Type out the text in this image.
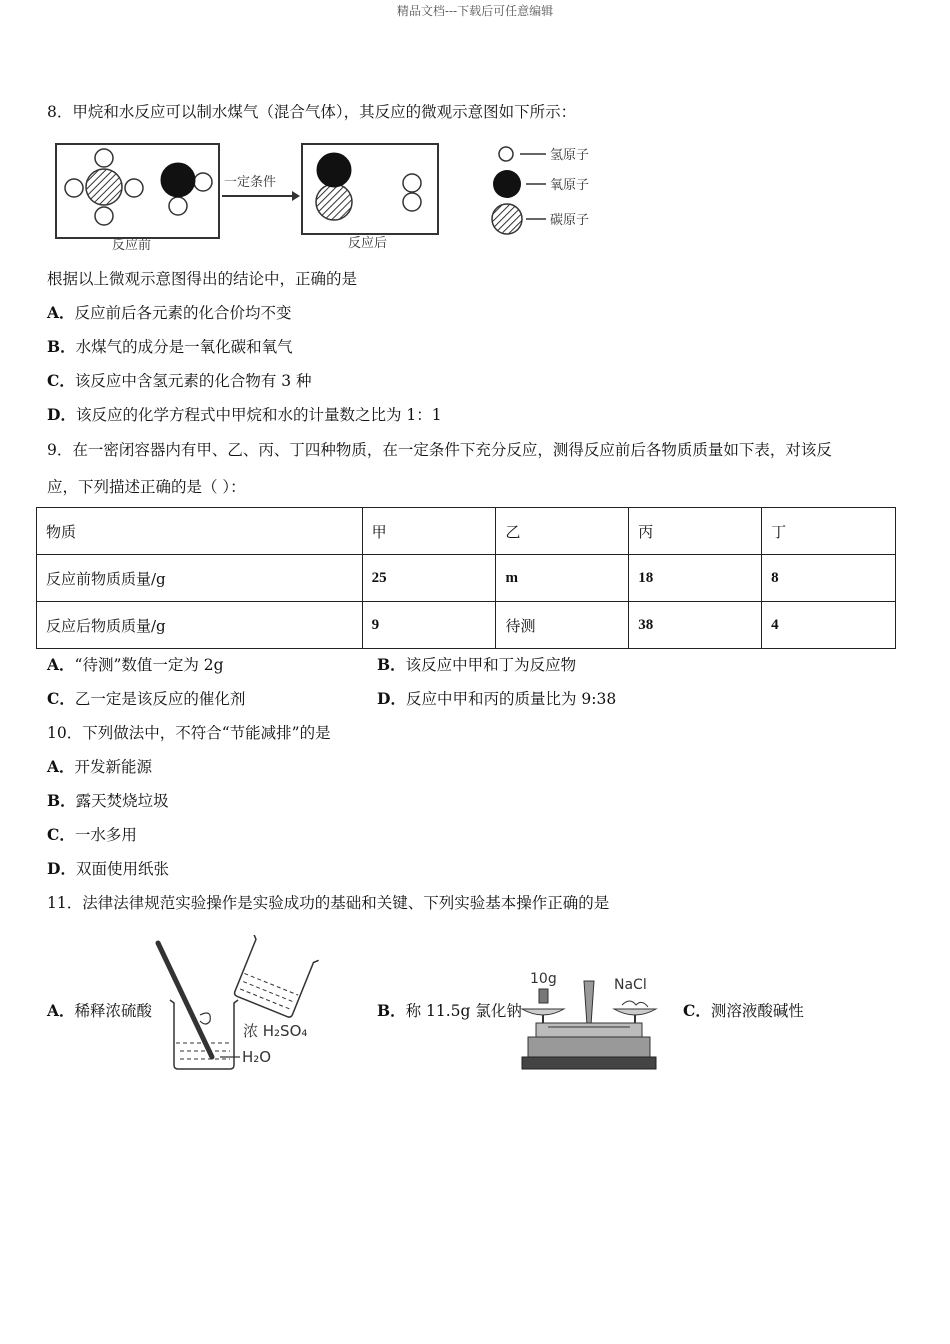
精品文档---下载后可任意编辑
8．甲烷和水反应可以制水煤气（混合气体），其反应的微观示意图如下所示：
反应前
一定条件
反应后
氢原子
氧原子
碳原子
根据以上微观示意图得出的结论中，正确的是
A．反应前后各元素的化合价均不变
B．水煤气的成分是一氧化碳和氧气
C．该反应中含氢元素的化合物有 3 种
D．该反应的化学方程式中甲烷和水的计量数之比为 1：1
9．在一密闭容器内有甲、乙、丙、丁四种物质，在一定条件下充分反应，测得反应前后各物质质量如下表，对该反
应，下列描述正确的是（ ）：
物质	甲	乙	丙	丁
反应前物质质量/g	25	m	18	8
反应后物质质量/g	9	待测	38	4
A．“待测”数值一定为 2g	B．该反应中甲和丁为反应物
C．乙一定是该反应的催化剂	D．反应中甲和丙的质量比为 9:38
10．下列做法中，不符合“节能减排”的是
A．开发新能源
B．露天焚烧垃圾
C．一水多用
D．双面使用纸张
11．法律法律规范实验操作是实验成功的基础和关键、下列实验基本操作正确的是
A．稀释浓硫酸
浓 H₂SO₄
H₂O
B．称 11.5g 氯化钠
10g	NaCl
C．测溶液酸碱性
